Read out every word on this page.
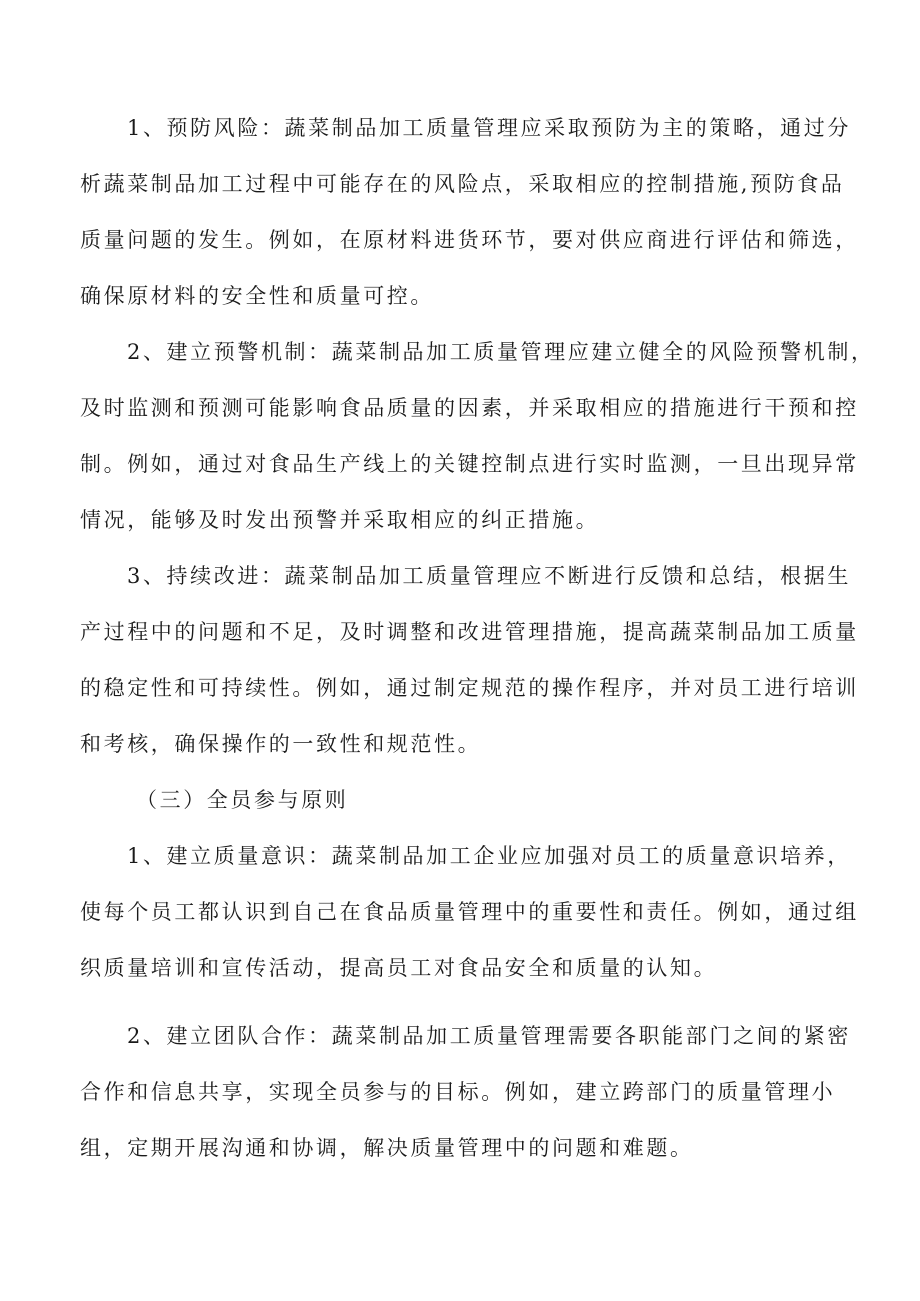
1、预防风险：蔬菜制品加工质量管理应采取预防为主的策略，通过分
析蔬菜制品加工过程中可能存在的风险点，采取相应的控制措施,预防食品
质量问题的发生。例如，在原材料进货环节，要对供应商进行评估和筛选，
确保原材料的安全性和质量可控。
2、建立预警机制：蔬菜制品加工质量管理应建立健全的风险预警机制，
及时监测和预测可能影响食品质量的因素，并采取相应的措施进行干预和控
制。例如，通过对食品生产线上的关键控制点进行实时监测，一旦出现异常
情况，能够及时发出预警并采取相应的纠正措施。
3、持续改进：蔬菜制品加工质量管理应不断进行反馈和总结，根据生
产过程中的问题和不足，及时调整和改进管理措施，提高蔬菜制品加工质量
的稳定性和可持续性。例如，通过制定规范的操作程序，并对员工进行培训
和考核，确保操作的一致性和规范性。
（三）全员参与原则
1、建立质量意识：蔬菜制品加工企业应加强对员工的质量意识培养，
使每个员工都认识到自己在食品质量管理中的重要性和责任。例如，通过组
织质量培训和宣传活动，提高员工对食品安全和质量的认知。
2、建立团队合作：蔬菜制品加工质量管理需要各职能部门之间的紧密
合作和信息共享，实现全员参与的目标。例如，建立跨部门的质量管理小
组，定期开展沟通和协调，解决质量管理中的问题和难题。
